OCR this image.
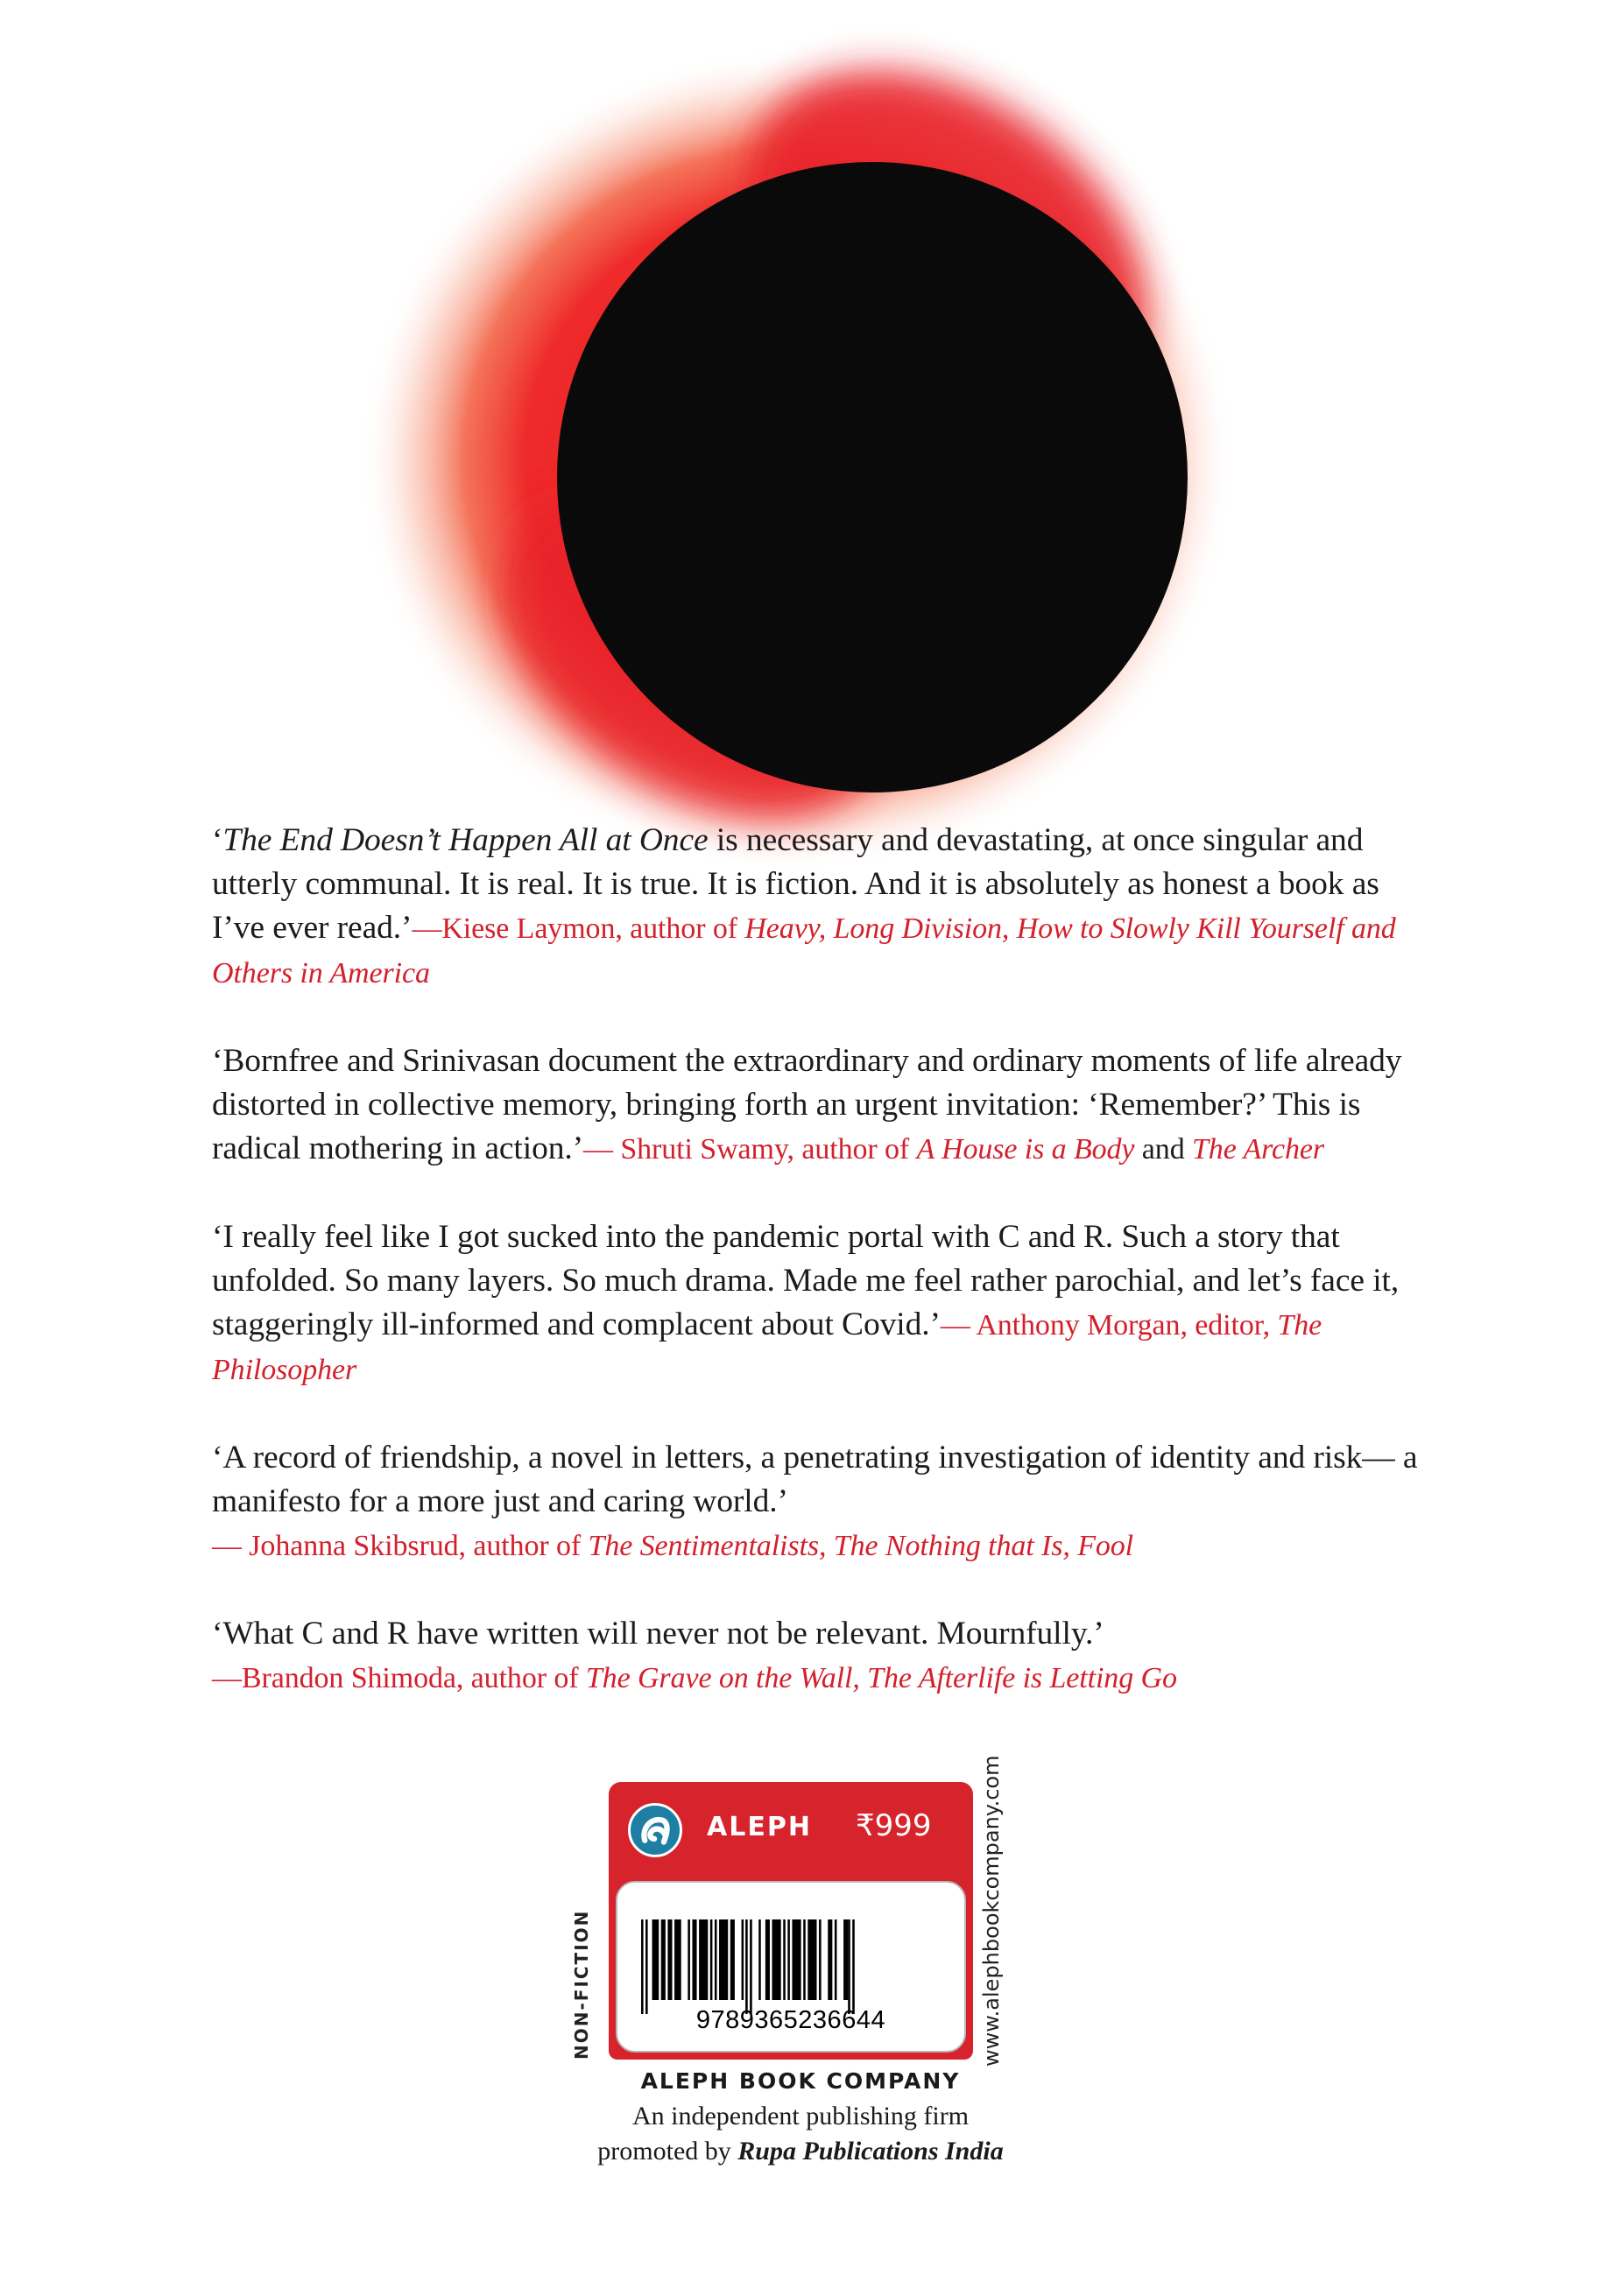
‘The End Doesn’t Happen All at Once is necessary and devastating, at once singular and utterly communal. It is real. It is true. It is fiction. And it is absolutely as honest a book as I’ve ever read.’—Kiese Laymon, author of Heavy, Long Division, How to Slowly Kill Yourself and Others in America

‘Bornfree and Srinivasan document the extraordinary and ordinary moments of life already distorted in collective memory, bringing forth an urgent invitation: ‘Remember?’ This is radical mothering in action.’— Shruti Swamy, author of A House is a Body and The Archer

‘I really feel like I got sucked into the pandemic portal with C and R. Such a story that unfolded. So many layers. So much drama. Made me feel rather parochial, and let’s face it, staggeringly ill-informed and complacent about Covid.’— Anthony Morgan, editor, The Philosopher

‘A record of friendship, a novel in letters, a penetrating investigation of identity and risk— a manifesto for a more just and caring world.’
— Johanna Skibsrud, author of The Sentimentalists, The Nothing that Is, Fool

‘What C and R have written will never not be relevant. Mournfully.’
—Brandon Shimoda, author of The Grave on the Wall, The Afterlife is Letting Go

ALEPH ₹999
9789365236644
NON-FICTION	www.alephbookcompany.com
ALEPH BOOK COMPANY
An independent publishing firm
promoted by Rupa Publications India
